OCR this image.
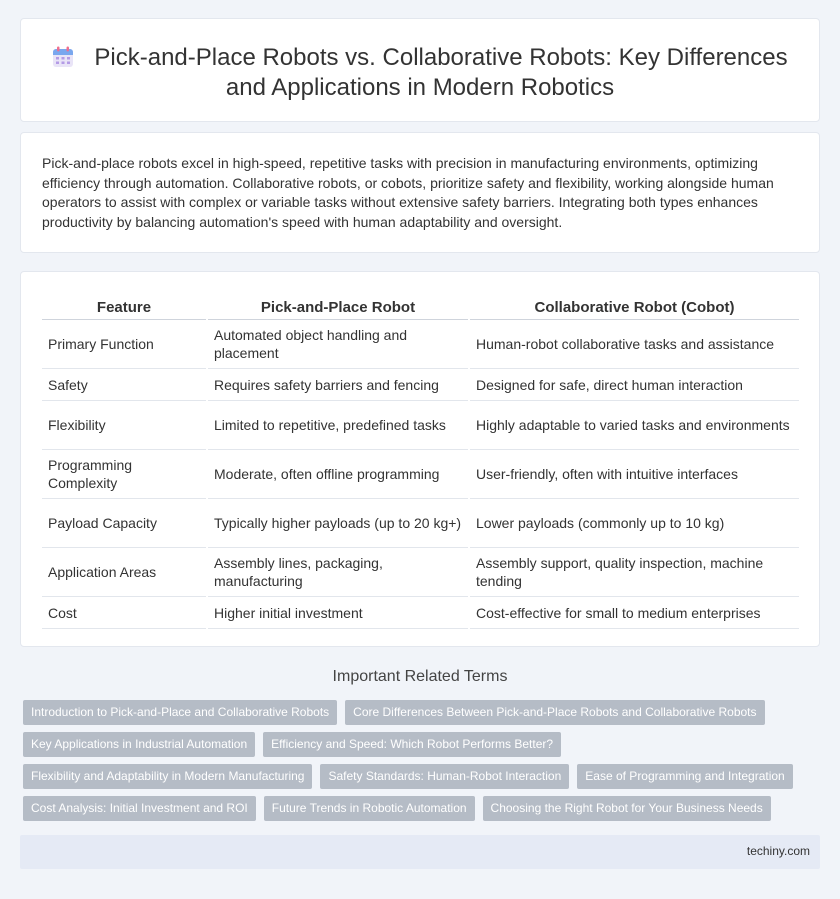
Pick-and-Place Robots vs. Collaborative Robots: Key Differences and Applications in Modern Robotics

Pick-and-place robots excel in high-speed, repetitive tasks with precision in manufacturing environments, optimizing efficiency through automation. Collaborative robots, or cobots, prioritize safety and flexibility, working alongside human operators to assist with complex or variable tasks without extensive safety barriers. Integrating both types enhances productivity by balancing automation's speed with human adaptability and oversight.

Feature	Pick-and-Place Robot	Collaborative Robot (Cobot)
Primary Function	Automated object handling and placement	Human-robot collaborative tasks and assistance
Safety	Requires safety barriers and fencing	Designed for safe, direct human interaction
Flexibility	Limited to repetitive, predefined tasks	Highly adaptable to varied tasks and environments
Programming Complexity	Moderate, often offline programming	User-friendly, often with intuitive interfaces
Payload Capacity	Typically higher payloads (up to 20 kg+)	Lower payloads (commonly up to 10 kg)
Application Areas	Assembly lines, packaging, manufacturing	Assembly support, quality inspection, machine tending
Cost	Higher initial investment	Cost-effective for small to medium enterprises
Important Related Terms
Introduction to Pick-and-Place and Collaborative Robots	Core Differences Between Pick-and-Place Robots and Collaborative Robots
Key Applications in Industrial Automation	Efficiency and Speed: Which Robot Performs Better?
Flexibility and Adaptability in Modern Manufacturing	Safety Standards: Human-Robot Interaction	Ease of Programming and Integration
Cost Analysis: Initial Investment and ROI	Future Trends in Robotic Automation	Choosing the Right Robot for Your Business Needs
techiny.com
